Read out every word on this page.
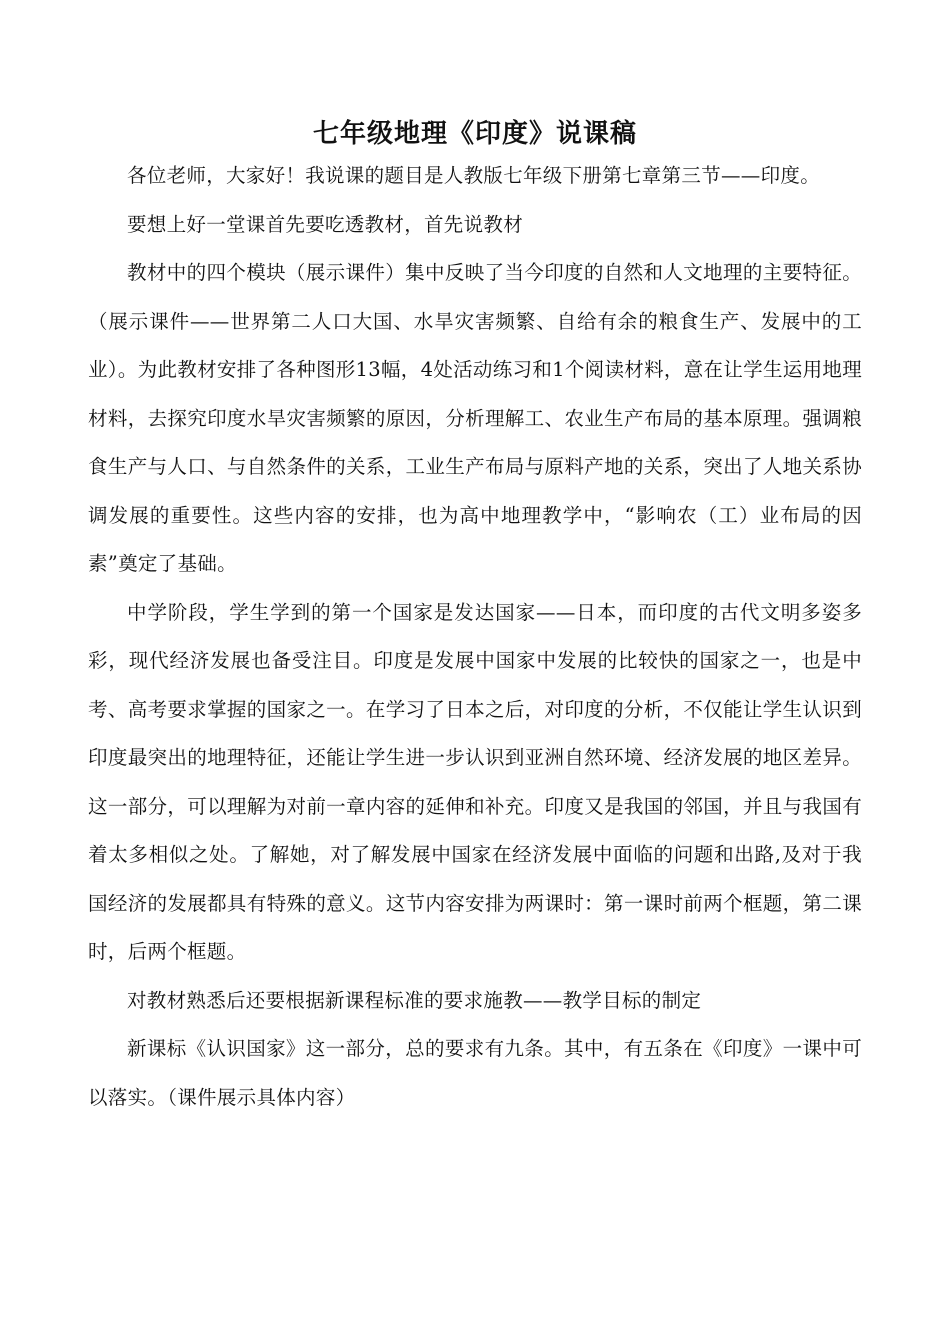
七年级地理《印度》说课稿

各位老师，大家好！我说课的题目是人教版七年级下册第七章第三节——印度。

要想上好一堂课首先要吃透教材，首先说教材

教材中的四个模块（展示课件）集中反映了当今印度的自然和人文地理的主要特征。（展示课件——世界第二人口大国、水旱灾害频繁、自给有余的粮食生产、发展中的工业）。为此教材安排了各种图形13幅，4处活动练习和1个阅读材料，意在让学生运用地理材料，去探究印度水旱灾害频繁的原因，分析理解工、农业生产布局的基本原理。强调粮食生产与人口、与自然条件的关系，工业生产布局与原料产地的关系，突出了人地关系协调发展的重要性。这些内容的安排，也为高中地理教学中，“影响农（工）业布局的因素”奠定了基础。

中学阶段，学生学到的第一个国家是发达国家——日本，而印度的古代文明多姿多彩，现代经济发展也备受注目。印度是发展中国家中发展的比较快的国家之一，也是中考、高考要求掌握的国家之一。在学习了日本之后，对印度的分析，不仅能让学生认识到印度最突出的地理特征，还能让学生进一步认识到亚洲自然环境、经济发展的地区差异。这一部分，可以理解为对前一章内容的延伸和补充。印度又是我国的邻国，并且与我国有着太多相似之处。了解她，对了解发展中国家在经济发展中面临的问题和出路,及对于我国经济的发展都具有特殊的意义。这节内容安排为两课时：第一课时前两个框题，第二课时，后两个框题。

对教材熟悉后还要根据新课程标准的要求施教——教学目标的制定

新课标《认识国家》这一部分，总的要求有九条。其中，有五条在《印度》一课中可以落实。（课件展示具体内容）
